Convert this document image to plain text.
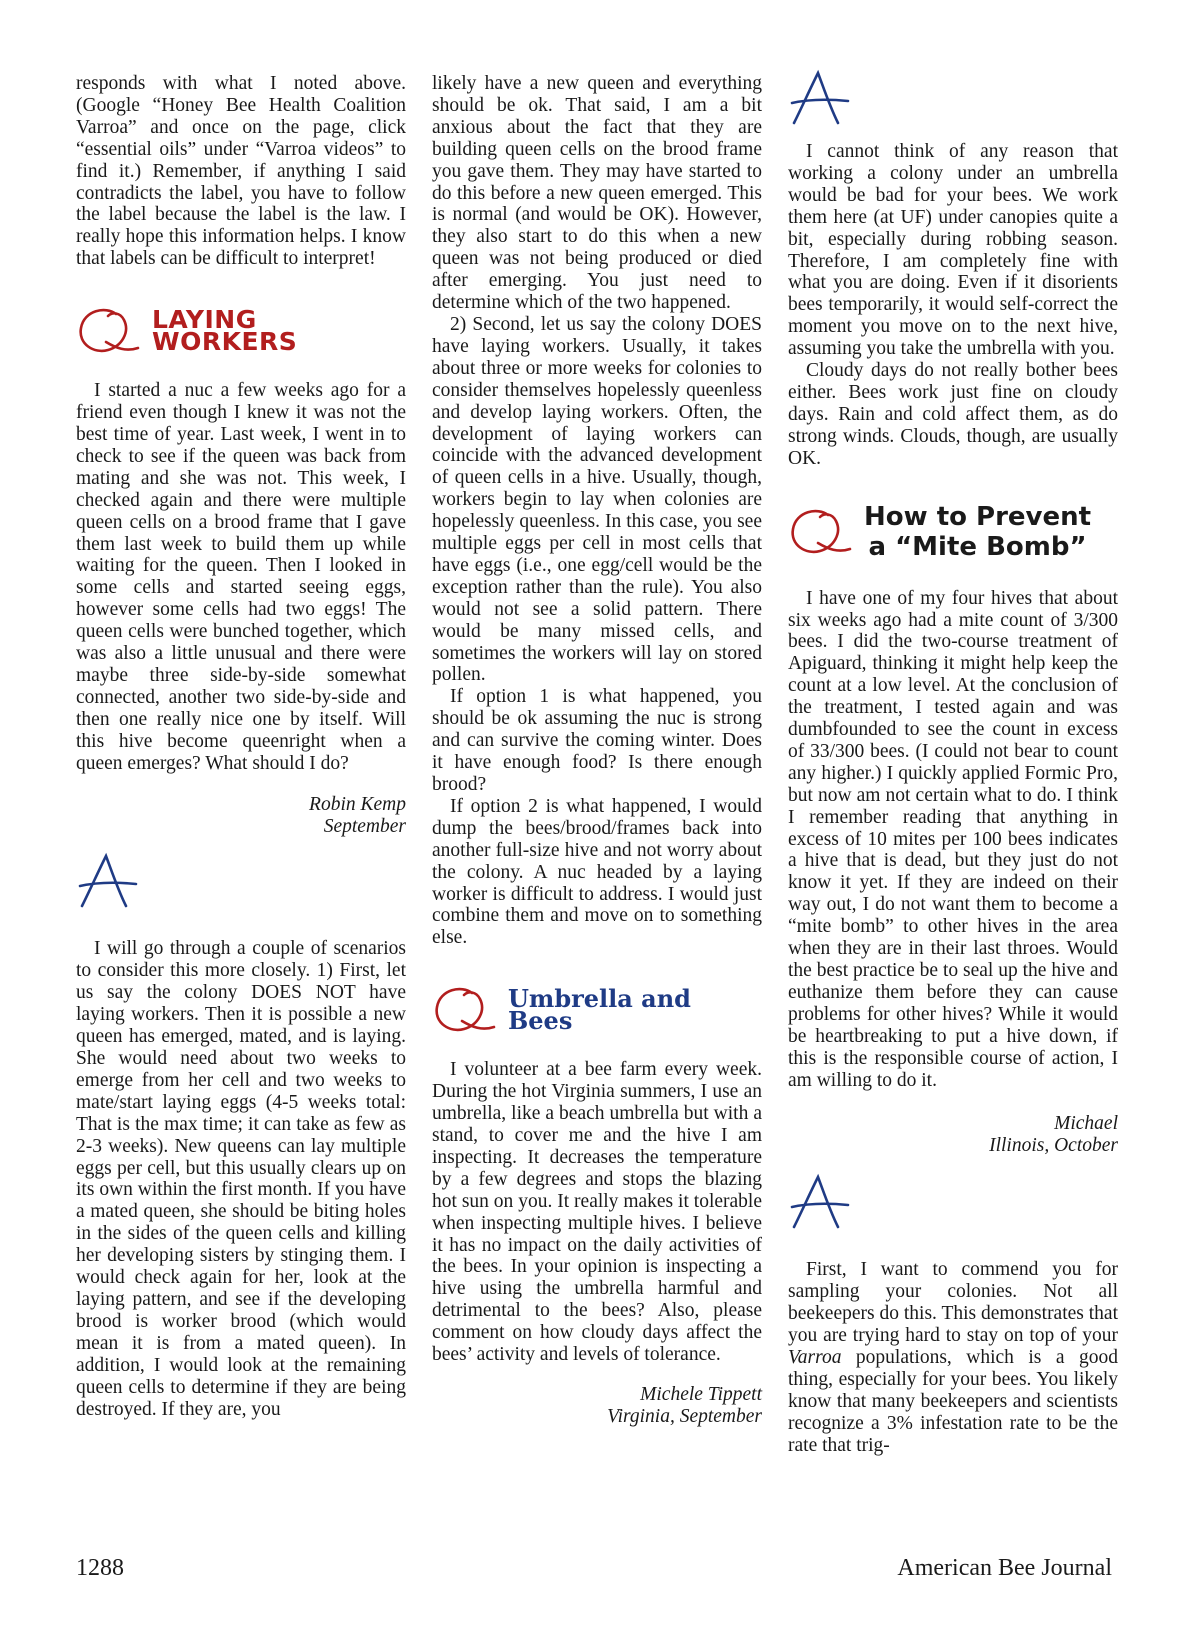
responds with what I noted above. (Google “Honey Bee Health Coalition Varroa” and once on the page, click “essential oils” under “Varroa videos” to find it.) Remember, if anything I said contradicts the label, you have to follow the label because the label is the law. I really hope this information helps. I know that labels can be difficult to interpret!

LAYING WORKERS

I started a nuc a few weeks ago for a friend even though I knew it was not the best time of year. Last week, I went in to check to see if the queen was back from mating and she was not. This week, I checked again and there were multiple queen cells on a brood frame that I gave them last week to build them up while waiting for the queen. Then I looked in some cells and started seeing eggs, however some cells had two eggs! The queen cells were bunched together, which was also a little unusual and there were maybe three side-by-side somewhat connected, another two side-by-side and then one really nice one by itself. Will this hive become queenright when a queen emerges? What should I do?

Robin Kemp
September

I will go through a couple of scenarios to consider this more closely. 1) First, let us say the colony DOES NOT have laying workers. Then it is possible a new queen has emerged, mated, and is laying. She would need about two weeks to emerge from her cell and two weeks to mate/start laying eggs (4-5 weeks total: That is the max time; it can take as few as 2-3 weeks). New queens can lay multiple eggs per cell, but this usually clears up on its own within the first month. If you have a mated queen, she should be biting holes in the sides of the queen cells and killing her developing sisters by stinging them. I would check again for her, look at the laying pattern, and see if the developing brood is worker brood (which would mean it is from a mated queen). In addition, I would look at the remaining queen cells to determine if they are being destroyed. If they are, you

likely have a new queen and everything should be ok. That said, I am a bit anxious about the fact that they are building queen cells on the brood frame you gave them. They may have started to do this before a new queen emerged. This is normal (and would be OK). However, they also start to do this when a new queen was not being produced or died after emerging. You just need to determine which of the two happened.

2) Second, let us say the colony DOES have laying workers. Usually, it takes about three or more weeks for colonies to consider themselves hopelessly queenless and develop laying workers. Often, the development of laying workers can coincide with the advanced development of queen cells in a hive. Usually, though, workers begin to lay when colonies are hopelessly queenless. In this case, you see multiple eggs per cell in most cells that have eggs (i.e., one egg/cell would be the exception rather than the rule). You also would not see a solid pattern. There would be many missed cells, and sometimes the workers will lay on stored pollen.

If option 1 is what happened, you should be ok assuming the nuc is strong and can survive the coming winter. Does it have enough food? Is there enough brood?

If option 2 is what happened, I would dump the bees/brood/frames back into another full-size hive and not worry about the colony. A nuc headed by a laying worker is difficult to address. I would just combine them and move on to something else.

Umbrella and Bees

I volunteer at a bee farm every week. During the hot Virginia summers, I use an umbrella, like a beach umbrella but with a stand, to cover me and the hive I am inspecting. It decreases the temperature by a few degrees and stops the blazing hot sun on you. It really makes it tolerable when inspecting multiple hives. I believe it has no impact on the daily activities of the bees. In your opinion is inspecting a hive using the umbrella harmful and detrimental to the bees? Also, please comment on how cloudy days affect the bees’ activity and levels of tolerance.

Michele Tippett
Virginia, September

I cannot think of any reason that working a colony under an umbrella would be bad for your bees. We work them here (at UF) under canopies quite a bit, especially during robbing season. Therefore, I am completely fine with what you are doing. Even if it disorients bees temporarily, it would self-correct the moment you move on to the next hive, assuming you take the umbrella with you.

Cloudy days do not really bother bees either. Bees work just fine on cloudy days. Rain and cold affect them, as do strong winds. Clouds, though, are usually OK.

How to Prevent
a “Mite Bomb”

I have one of my four hives that about six weeks ago had a mite count of 3/300 bees. I did the two-course treatment of Apiguard, thinking it might help keep the count at a low level. At the conclusion of the treatment, I tested again and was dumbfounded to see the count in excess of 33/300 bees. (I could not bear to count any higher.) I quickly applied Formic Pro, but now am not certain what to do. I think I remember reading that anything in excess of 10 mites per 100 bees indicates a hive that is dead, but they just do not know it yet. If they are indeed on their way out, I do not want them to become a “mite bomb” to other hives in the area when they are in their last throes. Would the best practice be to seal up the hive and euthanize them before they can cause problems for other hives? While it would be heartbreaking to put a hive down, if this is the responsible course of action, I am willing to do it.

Michael
Illinois, October

First, I want to commend you for sampling your colonies. Not all beekeepers do this. This demonstrates that you are trying hard to stay on top of your Varroa populations, which is a good thing, especially for your bees. You likely know that many beekeepers and scientists recognize a 3% infestation rate to be the rate that trig-

1288	American Bee Journal
